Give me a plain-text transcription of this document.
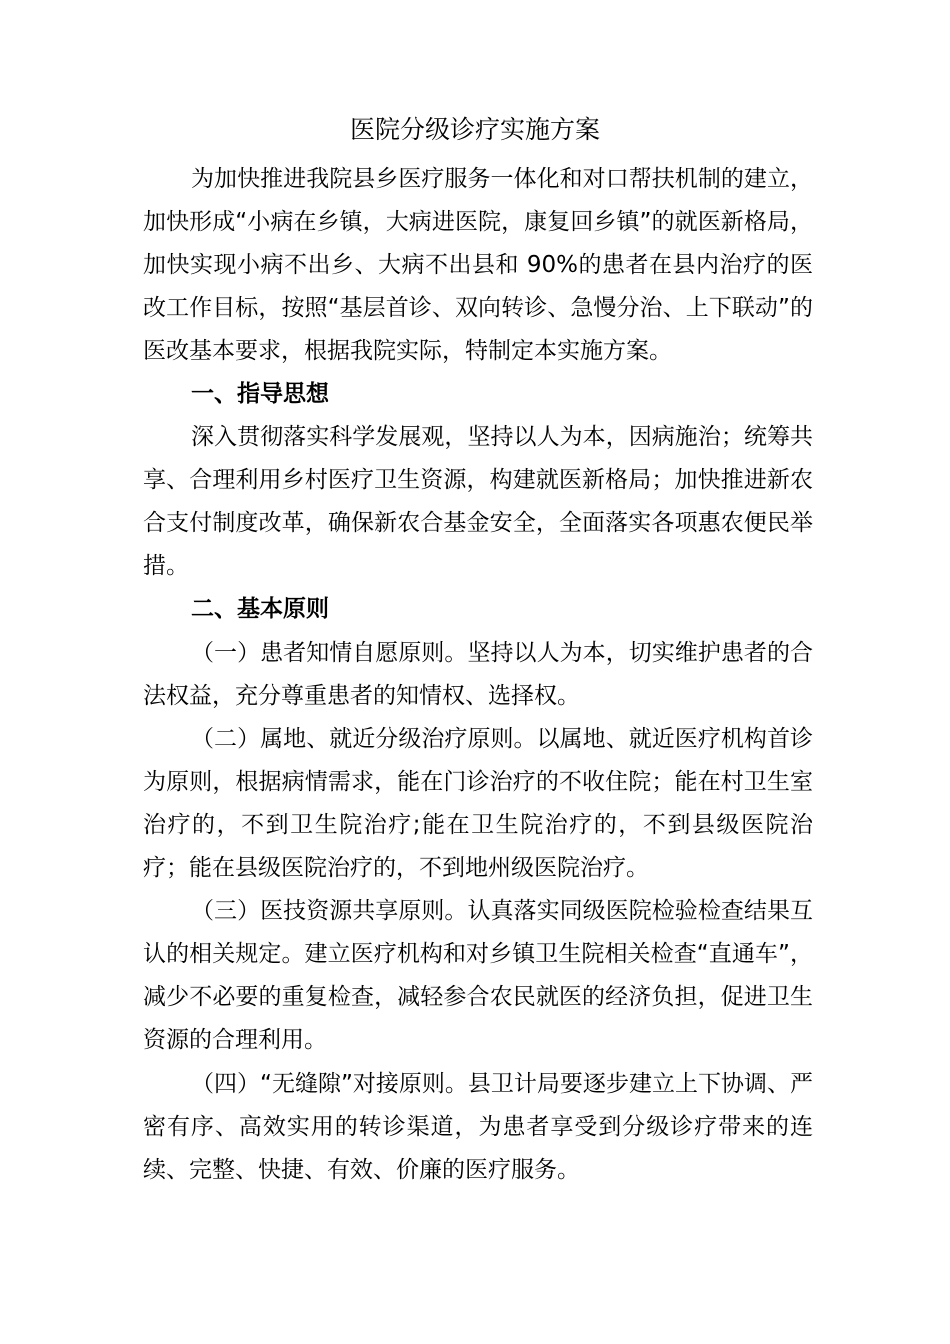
医院分级诊疗实施方案

为加快推进我院县乡医疗服务一体化和对口帮扶机制的建立，加快形成“小病在乡镇，大病进医院，康复回乡镇”的就医新格局，加快实现小病不出乡、大病不出县和 90%的患者在县内治疗的医改工作目标，按照“基层首诊、双向转诊、急慢分治、上下联动”的医改基本要求，根据我院实际，特制定本实施方案。

一、指导思想

深入贯彻落实科学发展观，坚持以人为本，因病施治；统筹共享、合理利用乡村医疗卫生资源，构建就医新格局；加快推进新农合支付制度改革，确保新农合基金安全，全面落实各项惠农便民举措。

二、基本原则

（一）患者知情自愿原则。坚持以人为本，切实维护患者的合法权益，充分尊重患者的知情权、选择权。

（二）属地、就近分级治疗原则。以属地、就近医疗机构首诊为原则，根据病情需求，能在门诊治疗的不收住院；能在村卫生室治疗的，不到卫生院治疗;能在卫生院治疗的，不到县级医院治疗；能在县级医院治疗的，不到地州级医院治疗。

（三）医技资源共享原则。认真落实同级医院检验检查结果互认的相关规定。建立医疗机构和对乡镇卫生院相关检查“直通车”，减少不必要的重复检查，减轻参合农民就医的经济负担，促进卫生资源的合理利用。

（四）“无缝隙”对接原则。县卫计局要逐步建立上下协调、严密有序、高效实用的转诊渠道，为患者享受到分级诊疗带来的连续、完整、快捷、有效、价廉的医疗服务。
